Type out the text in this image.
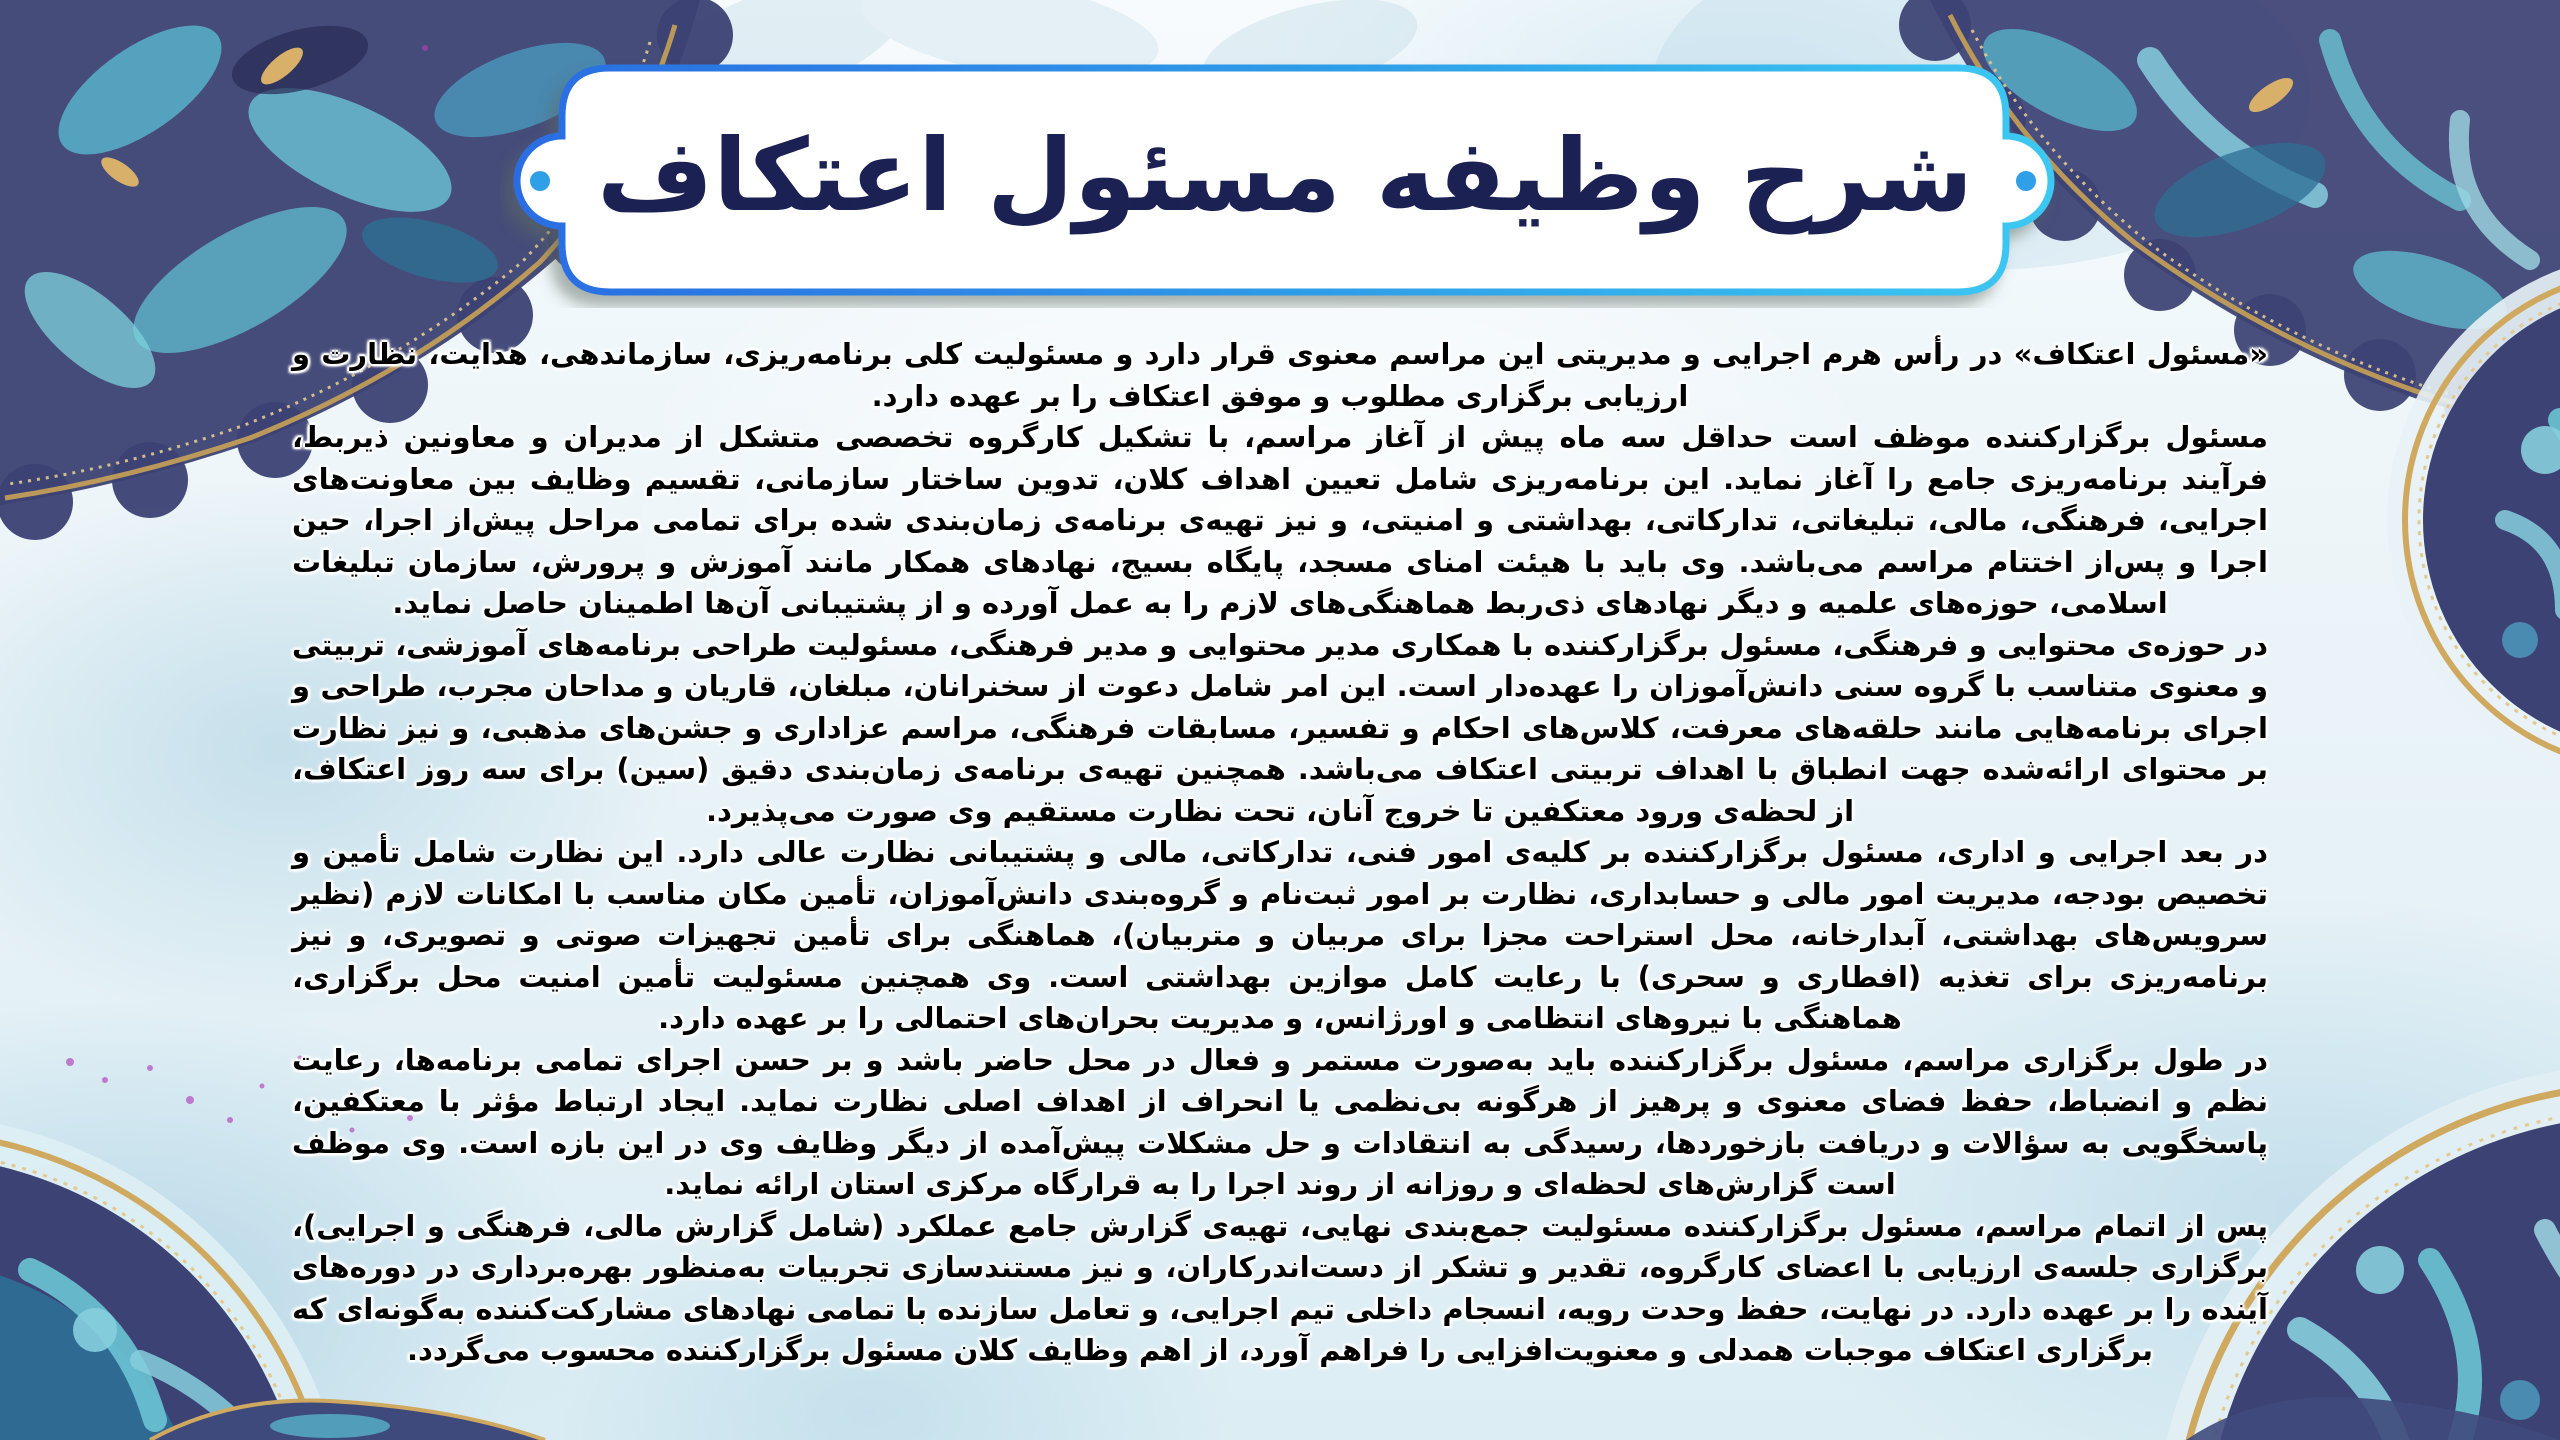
شرح وظیفه مسئول اعتکاف

«مسئول اعتکاف» در رأس هرم اجرایی و مدیریتی این مراسم معنوی قرار دارد و مسئولیت کلی برنامه‌ریزی، سازماندهی، هدایت، نظارت و ارزیابی برگزاری مطلوب و موفق اعتکاف را بر عهده دارد.

مسئول برگزارکننده موظف است حداقل سه ماه پیش از آغاز مراسم، با تشکیل کارگروه تخصصی متشکل از مدیران و معاونین ذیربط، فرآیند برنامه‌ریزی جامع را آغاز نماید. این برنامه‌ریزی شامل تعیین اهداف کلان، تدوین ساختار سازمانی، تقسیم وظایف بین معاونت‌های اجرایی، فرهنگی، مالی، تبلیغاتی، تدارکاتی، بهداشتی و امنیتی، و نیز تهیه‌ی برنامه‌ی زمان‌بندی شده برای تمامی مراحل پیش‌از اجرا، حین اجرا و پس‌از اختتام مراسم می‌باشد. وی باید با هیئت امنای مسجد، پایگاه بسیج، نهادهای همکار مانند آموزش و پرورش، سازمان تبلیغات اسلامی، حوزه‌های علمیه و دیگر نهادهای ذی‌ربط هماهنگی‌های لازم را به عمل آورده و از پشتیبانی آن‌ها اطمینان حاصل نماید.

در حوزه‌ی محتوایی و فرهنگی، مسئول برگزارکننده با همکاری مدیر محتوایی و مدیر فرهنگی، مسئولیت طراحی برنامه‌های آموزشی، تربیتی و معنوی متناسب با گروه سنی دانش‌آموزان را عهده‌دار است. این امر شامل دعوت از سخنرانان، مبلغان، قاریان و مداحان مجرب، طراحی و اجرای برنامه‌هایی مانند حلقه‌های معرفت، کلاس‌های احکام و تفسیر، مسابقات فرهنگی، مراسم عزاداری و جشن‌های مذهبی، و نیز نظارت بر محتوای ارائه‌شده جهت انطباق با اهداف تربیتی اعتکاف می‌باشد. همچنین تهیه‌ی برنامه‌ی زمان‌بندی دقیق (سین) برای سه روز اعتکاف، از لحظه‌ی ورود معتکفین تا خروج آنان، تحت نظارت مستقیم وی صورت می‌پذیرد.

در بعد اجرایی و اداری، مسئول برگزارکننده بر کلیه‌ی امور فنی، تدارکاتی، مالی و پشتیبانی نظارت عالی دارد. این نظارت شامل تأمین و تخصیص بودجه، مدیریت امور مالی و حسابداری، نظارت بر امور ثبت‌نام و گروه‌بندی دانش‌آموزان، تأمین مکان مناسب با امکانات لازم (نظیر سرویس‌های بهداشتی، آبدارخانه، محل استراحت مجزا برای مربیان و متربیان)، هماهنگی برای تأمین تجهیزات صوتی و تصویری، و نیز برنامه‌ریزی برای تغذیه (افطاری و سحری) با رعایت کامل موازین بهداشتی است. وی همچنین مسئولیت تأمین امنیت محل برگزاری، هماهنگی با نیروهای انتظامی و اورژانس، و مدیریت بحران‌های احتمالی را بر عهده دارد.

در طول برگزاری مراسم، مسئول برگزارکننده باید به‌صورت مستمر و فعال در محل حاضر باشد و بر حسن اجرای تمامی برنامه‌ها، رعایت نظم و انضباط، حفظ فضای معنوی و پرهیز از هرگونه بی‌نظمی یا انحراف از اهداف اصلی نظارت نماید. ایجاد ارتباط مؤثر با معتکفین، پاسخگویی به سؤالات و دریافت بازخوردها، رسیدگی به انتقادات و حل مشکلات پیش‌آمده از دیگر وظایف وی در این بازه است. وی موظف است گزارش‌های لحظه‌ای و روزانه از روند اجرا را به قرارگاه مرکزی استان ارائه نماید.

پس از اتمام مراسم، مسئول برگزارکننده مسئولیت جمع‌بندی نهایی، تهیه‌ی گزارش جامع عملکرد (شامل گزارش مالی، فرهنگی و اجرایی)، برگزاری جلسه‌ی ارزیابی با اعضای کارگروه، تقدیر و تشکر از دست‌اندرکاران، و نیز مستندسازی تجربیات به‌منظور بهره‌برداری در دوره‌های آینده را بر عهده دارد. در نهایت، حفظ وحدت رویه، انسجام داخلی تیم اجرایی، و تعامل سازنده با تمامی نهادهای مشارکت‌کننده به‌گونه‌ای که برگزاری اعتکاف موجبات همدلی و معنویت‌افزایی را فراهم آورد، از اهم وظایف کلان مسئول برگزارکننده محسوب می‌گردد.
